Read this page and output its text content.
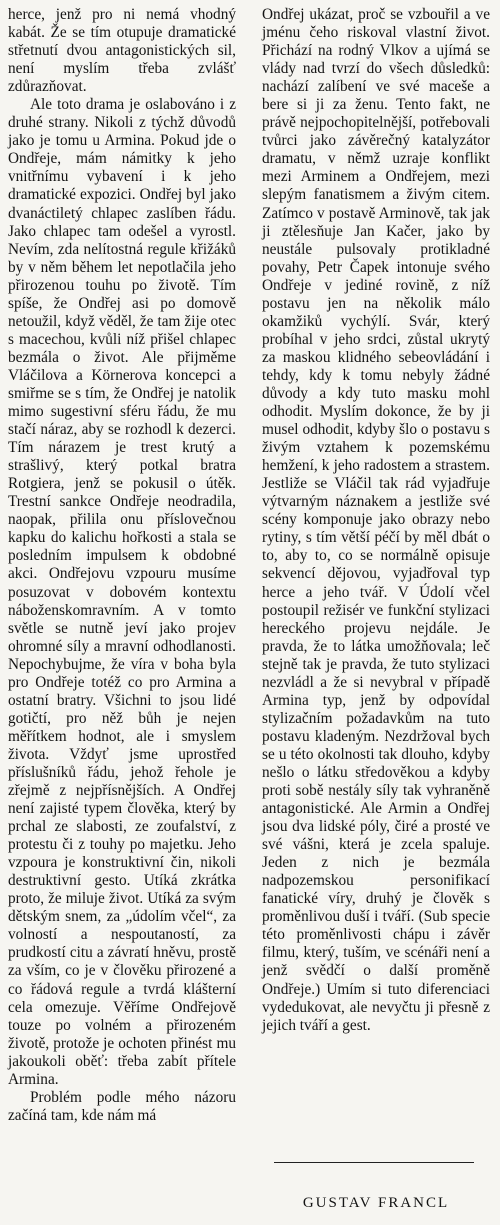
herce, jenž pro ni nemá vhodný kabát. Že se tím otupuje dramatické střetnutí dvou antagonistických sil, není myslím třeba zvlášť zdůrazňovat.

Ale toto drama je oslabováno i z druhé strany. Nikoli z týchž důvodů jako je tomu u Armina. Pokud jde o Ondřeje, mám námitky k jeho vnitřnímu vybavení i k jeho dramatické expozici. Ondřej byl jako dvanáctiletý chlapec zaslíben řádu. Jako chlapec tam odešel a vyrostl. Nevím, zda nelítostná regule křižáků by v něm během let nepotlačila jeho přirozenou touhu po životě. Tím spíše, že Ondřej asi po domově netoužil, když věděl, že tam žije otec s macechou, kvůli níž přišel chlapec bezmála o život. Ale přijměme Vláčilova a Körnerova koncepci a smiřme se s tím, že Ondřej je natolik mimo sugestivní sféru řádu, že mu stačí náraz, aby se rozhodl k dezerci. Tím nárazem je trest krutý a strašlivý, který potkal bratra Rotgiera, jenž se pokusil o útěk. Trestní sankce Ondřeje neodradila, naopak, přilila onu příslovečnou kapku do kalichu hořkosti a stala se posledním impulsem k obdobné akci. Ondřejovu vzpouru musíme posuzovat v dobovém kontextu náboženskomravním. A v tomto světle se nutně jeví jako projev ohromné síly a mravní odhodlanosti. Nepochybujme, že víra v boha byla pro Ondřeje totéž co pro Armina a ostatní bratry. Všichni to jsou lidé gotičtí, pro něž bůh je nejen měřítkem hodnot, ale i smyslem života. Vždyť jsme uprostřed příslušníků řádu, jehož řehole je zřejmě z nejpřísnějších. A Ondřej není zajisté typem člověka, který by prchal ze slabosti, ze zoufalství, z protestu či z touhy po majetku. Jeho vzpoura je konstruktivní čin, nikoli destruktivní gesto. Utíká zkrátka proto, že miluje život. Utíká za svým dětským snem, za „údolím včel“, za volností a nespoutaností, za prudkostí citu a závratí hněvu, prostě za vším, co je v člověku přirozené a co řádová regule a tvrdá klášterní cela omezuje. Věříme Ondřejově touze po volném a přirozeném životě, protože je ochoten přinést mu jakoukoli oběť: třeba zabít přítele Armina.

Problém podle mého názoru začíná tam, kde nám má

Ondřej ukázat, proč se vzbouřil a ve jménu čeho riskoval vlastní život. Přichází na rodný Vlkov a ujímá se vlády nad tvrzí do všech důsledků: nachází zalíbení ve své macešе a bere si ji za ženu. Tento fakt, ne právě nejpochopitelnější, potřebovali tvůrci jako závěrečný katalyzátor dramatu, v němž uzraje konflikt mezi Arminem a Ondřejem, mezi slepým fanatismem a živým citem. Zatímco v postavě Arminově, tak jak ji ztělesňuje Jan Kačer, jako by neustále pulsovaly protikladné povahy, Petr Čapek intonuje svého Ondřeje v jediné rovině, z níž postavu jen na několik málo okamžiků vychýlí. Svár, který probíhal v jeho srdci, zůstal ukrytý za maskou klidného sebeovládání i tehdy, kdy k tomu nebyly žádné důvody a kdy tuto masku mohl odhodit. Myslím dokonce, že by ji musel odhodit, kdyby šlo o postavu s živým vztahem k pozemskému hemžení, k jeho radostem a strastem. Jestliže se Vláčil tak rád vyjadřuje výtvarným náznakem a jestliže své scény komponuje jako obrazy nebo rytiny, s tím větší péčí by měl dbát o to, aby to, co se normálně opisuje sekvencí dějovou, vyjadřoval typ herce a jeho tvář. V Údolí včel postoupil režisér ve funkční stylizaci hereckého projevu nejdále. Je pravda, že to látka umožňovala; leč stejně tak je pravda, že tuto stylizaci nezvládl a že si nevybral v případě Armina typ, jenž by odpovídal stylizačním požadavkům na tuto postavu kladeným. Nezdržoval bych se u této okolnosti tak dlouho, kdyby nešlo o látku středověkou a kdyby proti sobě nestály síly tak vyhraněně antagonistické. Ale Armin a Ondřej jsou dva lidské póly, čiré a prosté ve své vášni, která je zcela spaluje. Jeden z nich je bezmála nadpozemskou personifikací fanatické víry, druhý je člověk s proměnlivou duší i tváří. (Sub specie této proměnlivosti chápu i závěr filmu, který, tuším, ve scénáři není a jenž svědčí o další proměně Ondřeje.) Umím si tuto diferenciaci vydedukovat, ale nevyčtu ji přesně z jejich tváří a gest.

GUSTAV FRANCL
